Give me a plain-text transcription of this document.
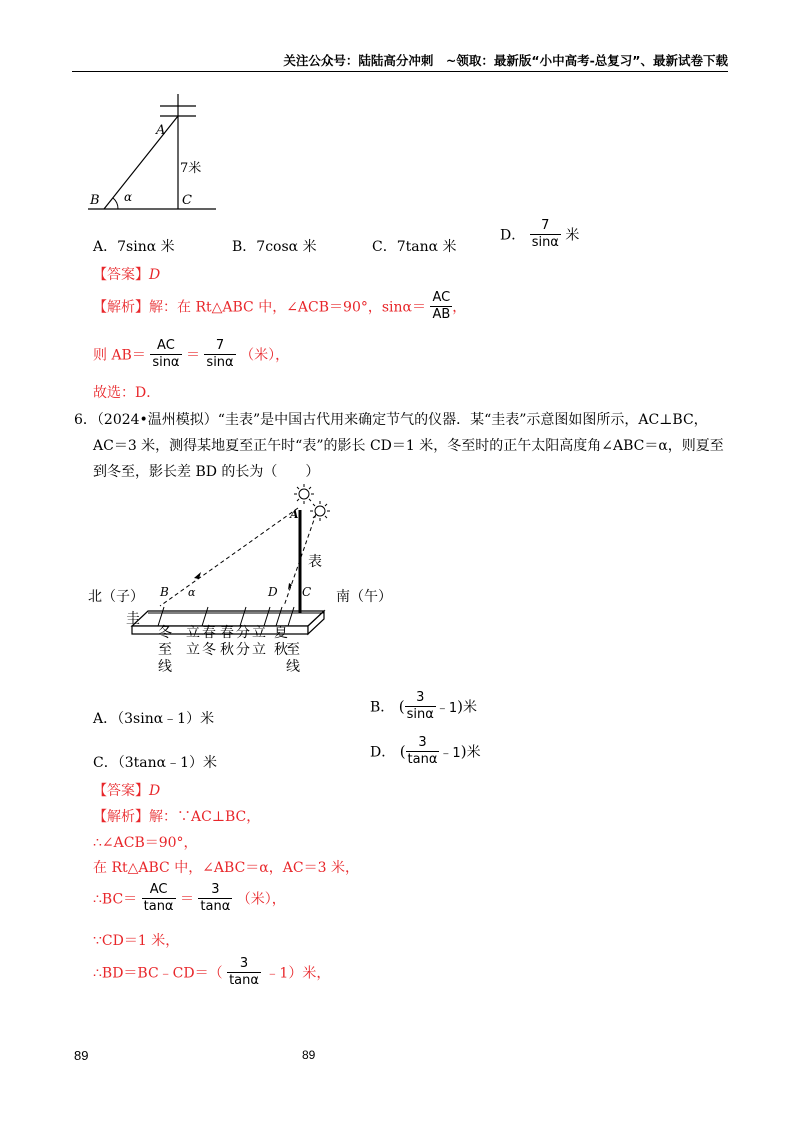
关注公众号：陆陆高分冲刺　~领取：最新版“小中高考-总复习”、最新试卷下载
A
B	C
α
7米
A．7sinα 米	B．7cosα 米	C．7tanα 米
D． $\frac{7}{\sin\alpha}$ 米
【答案】D
【解析】解：在 Rt△ABC 中，∠ACB＝90°，$\sin\alpha= \frac{AC}{AB}$ ，
则 $AB= \frac{AC}{\sin\alpha} = \frac{7}{\sin\alpha}$ （米），
故选：D．
6．（2024•温州模拟）“圭表”是中国古代用来确定节气的仪器．某“圭表”示意图如图所示，AC⊥BC，
AC＝3 米，测得某地夏至正午时“表”的影长 CD＝1 米，冬至时的正午太阳高度角∠ABC＝α，则夏至
到冬至，影长差 BD 的长为（　　）
A
B	D C
α
表
北（子）	南（午）
圭
冬
至
线
立
立
春
冬
春
秋
分
分
立
立
夏
秋
至
线
A．（3sinα﹣1）米
B． ( $\frac{3}{\sin\alpha}$ ﹣1)米
C．（3tanα﹣1）米
D． ( $\frac{3}{\tan\alpha}$ ﹣1)米
【答案】D
【解析】解：∵AC⊥BC，
∴∠ACB＝90°，
在 Rt△ABC 中，∠ABC＝α，AC＝3 米，
∴BC＝ $\frac{AC}{\tan\alpha} = \frac{3}{\tan\alpha}$ （米），
∵CD＝1 米，
∴BD＝BC﹣CD＝（ $\frac{3}{\tan\alpha}$ ﹣1）米，
89	89
